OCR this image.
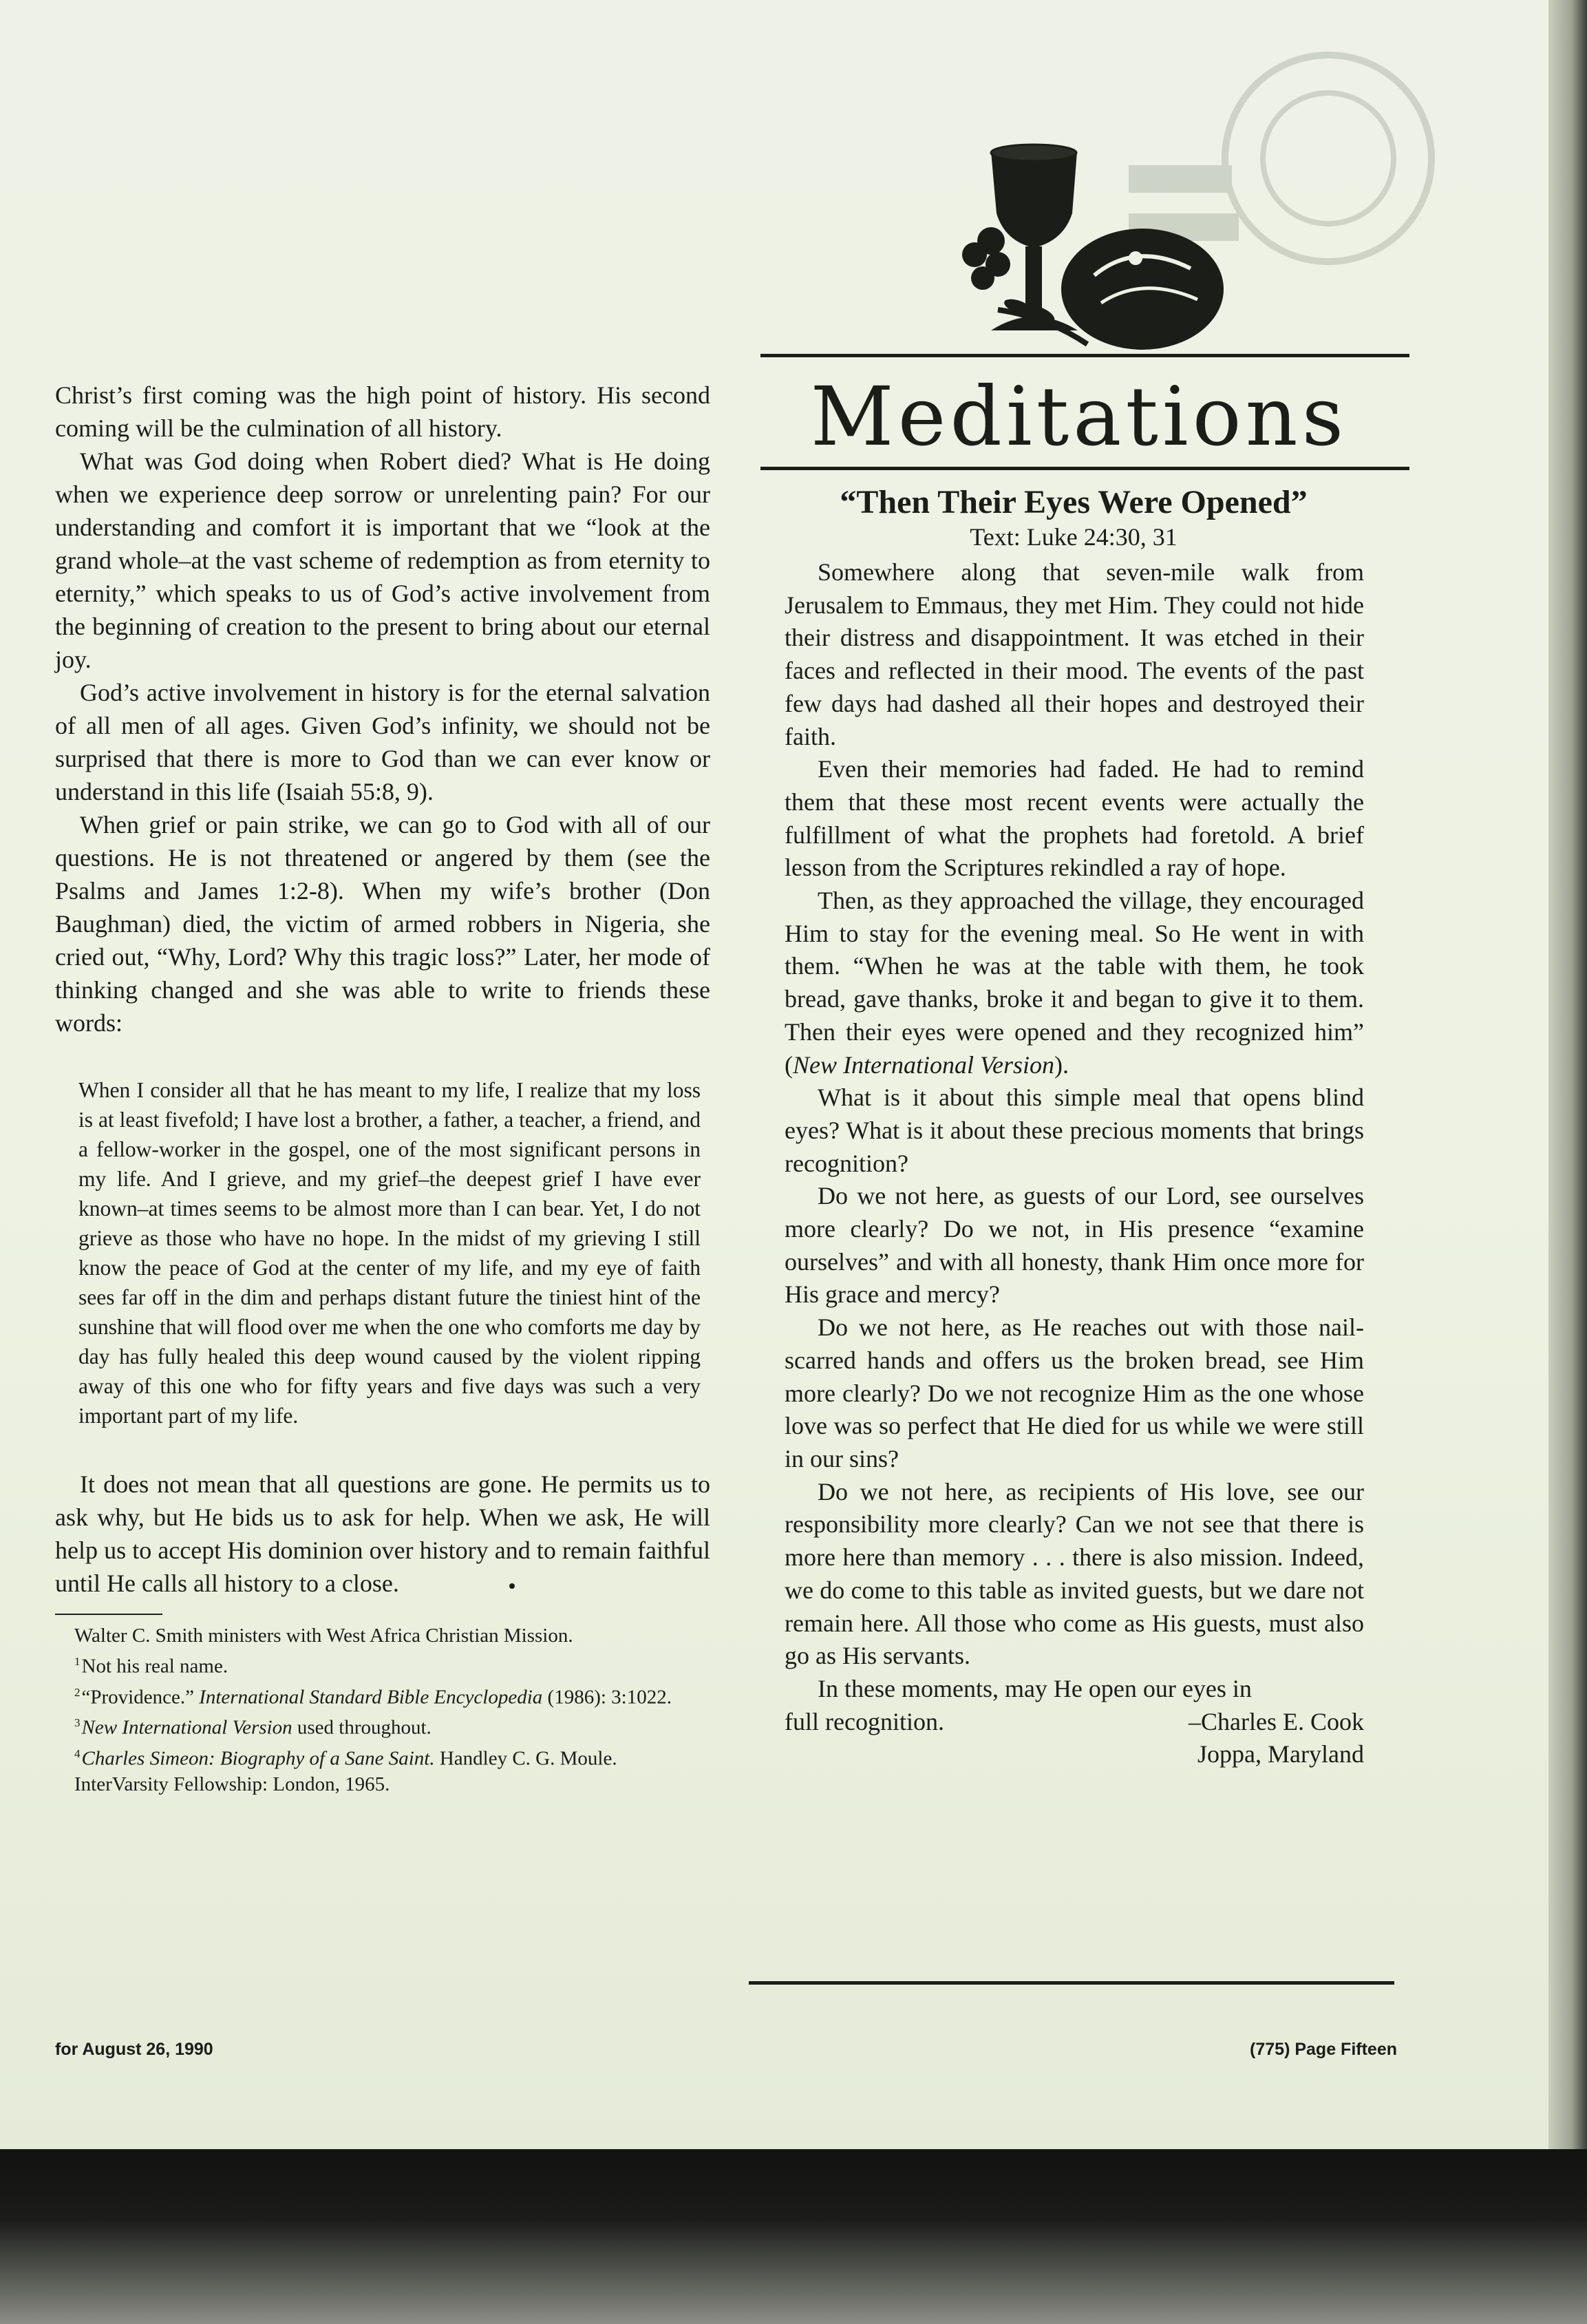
Christ’s first coming was the high point of history. His second coming will be the culmination of all history.

What was God doing when Robert died? What is He doing when we experience deep sorrow or unrelenting pain? For our understanding and comfort it is important that we “look at the grand whole–at the vast scheme of redemption as from eternity to eternity,” which speaks to us of God’s active involvement from the beginning of creation to the present to bring about our eternal joy.

God’s active involvement in history is for the eternal salvation of all men of all ages. Given God’s infinity, we should not be surprised that there is more to God than we can ever know or understand in this life (Isaiah 55:8, 9).

When grief or pain strike, we can go to God with all of our questions. He is not threatened or angered by them (see the Psalms and James 1:2-8). When my wife’s brother (Don Baughman) died, the victim of armed robbers in Nigeria, she cried out, “Why, Lord? Why this tragic loss?” Later, her mode of thinking changed and she was able to write to friends these words:

When I consider all that he has meant to my life, I realize that my loss is at least fivefold; I have lost a brother, a father, a teacher, a friend, and a fellow-worker in the gospel, one of the most significant persons in my life. And I grieve, and my grief–the deepest grief I have ever known–at times seems to be almost more than I can bear. Yet, I do not grieve as those who have no hope. In the midst of my grieving I still know the peace of God at the center of my life, and my eye of faith sees far off in the dim and perhaps distant future the tiniest hint of the sunshine that will flood over me when the one who comforts me day by day has fully healed this deep wound caused by the violent ripping away of this one who for fifty years and five days was such a very important part of my life.

It does not mean that all questions are gone. He permits us to ask why, but He bids us to ask for help. When we ask, He will help us to accept His dominion over history and to remain faithful until He calls all history to a close.

Walter C. Smith ministers with West Africa Christian Mission.
$^1$Not his real name.
$^2$“Providence.” International Standard Bible Encyclopedia (1986): 3:1022.
$^3$New International Version used throughout.
$^4$Charles Simeon: Biography of a Sane Saint. Handley C. G. Moule. InterVarsity Fellowship: London, 1965.
Meditations
“Then Their Eyes Were Opened”
Text: Luke 24:30, 31

Somewhere along that seven-mile walk from Jerusalem to Emmaus, they met Him. They could not hide their distress and disappointment. It was etched in their faces and reflected in their mood. The events of the past few days had dashed all their hopes and destroyed their faith.

Even their memories had faded. He had to remind them that these most recent events were actually the fulfillment of what the prophets had foretold. A brief lesson from the Scriptures rekindled a ray of hope.

Then, as they approached the village, they encouraged Him to stay for the evening meal. So He went in with them. “When he was at the table with them, he took bread, gave thanks, broke it and began to give it to them. Then their eyes were opened and they recognized him” (New International Version).

What is it about this simple meal that opens blind eyes? What is it about these precious moments that brings recognition?

Do we not here, as guests of our Lord, see ourselves more clearly? Do we not, in His presence “examine ourselves” and with all honesty, thank Him once more for His grace and mercy?

Do we not here, as He reaches out with those nail-scarred hands and offers us the broken bread, see Him more clearly? Do we not recognize Him as the one whose love was so perfect that He died for us while we were still in our sins?

Do we not here, as recipients of His love, see our responsibility more clearly? Can we not see that there is more here than memory . . . there is also mission. Indeed, we do come to this table as invited guests, but we dare not remain here. All those who come as His guests, must also go as His servants.

In these moments, may He open our eyes in

full recognition.	–Charles E. Cook
Joppa, Maryland
for August 26, 1990	(775) Page Fifteen
